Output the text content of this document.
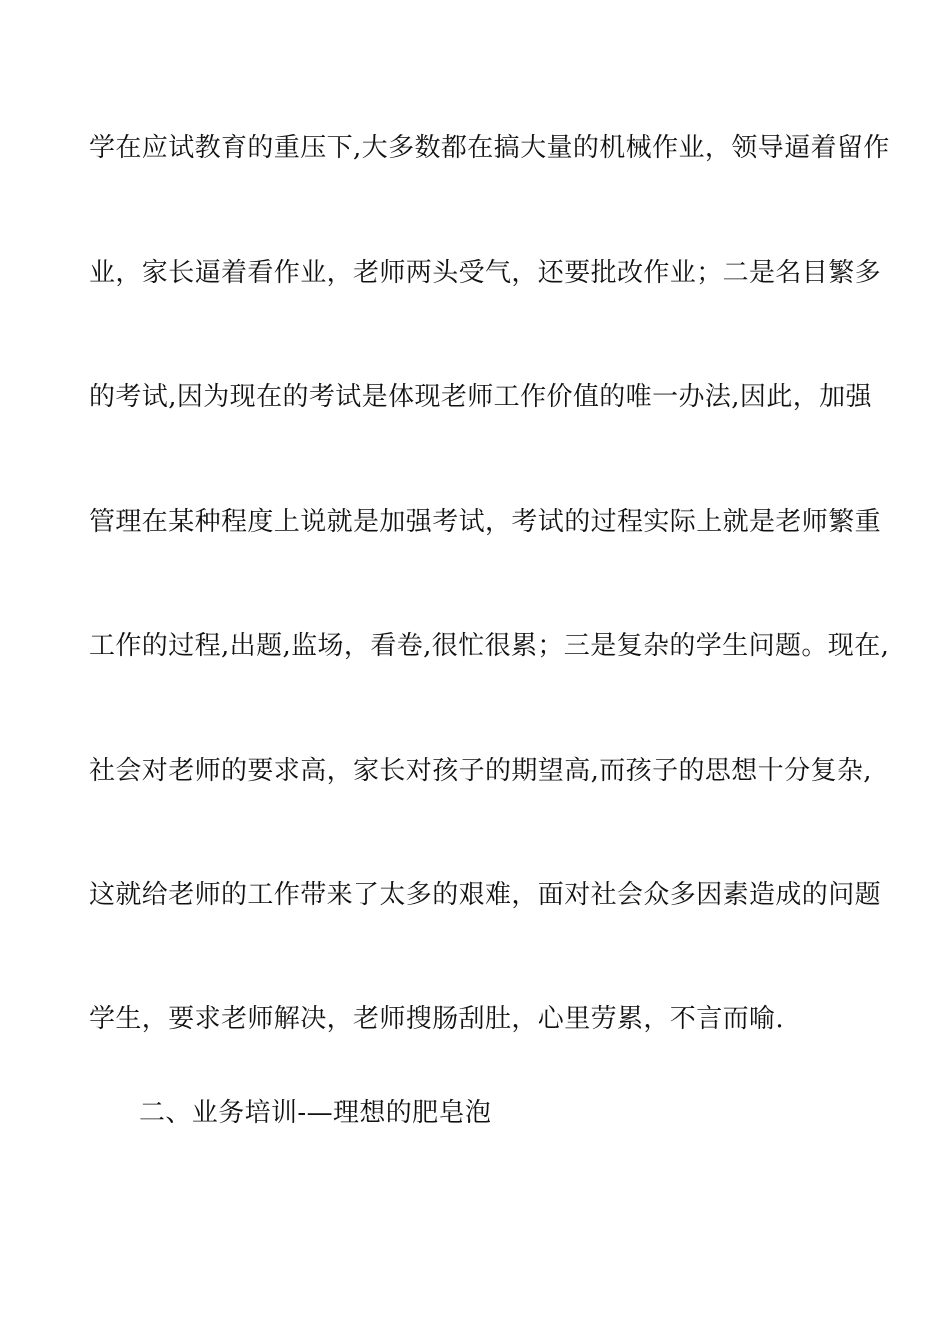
学在应试教育的重压下,大多数都在搞大量的机械作业，领导逼着留作
业，家长逼着看作业，老师两头受气，还要批改作业；二是名目繁多
的考试,因为现在的考试是体现老师工作价值的唯一办法,因此，加强
管理在某种程度上说就是加强考试，考试的过程实际上就是老师繁重
工作的过程,出题,监场，看卷,很忙很累；三是复杂的学生问题。现在,
社会对老师的要求高，家长对孩子的期望高,而孩子的思想十分复杂,
这就给老师的工作带来了太多的艰难，面对社会众多因素造成的问题
学生，要求老师解决，老师搜肠刮肚，心里劳累，不言而喻.
二、业务培训-—理想的肥皂泡
